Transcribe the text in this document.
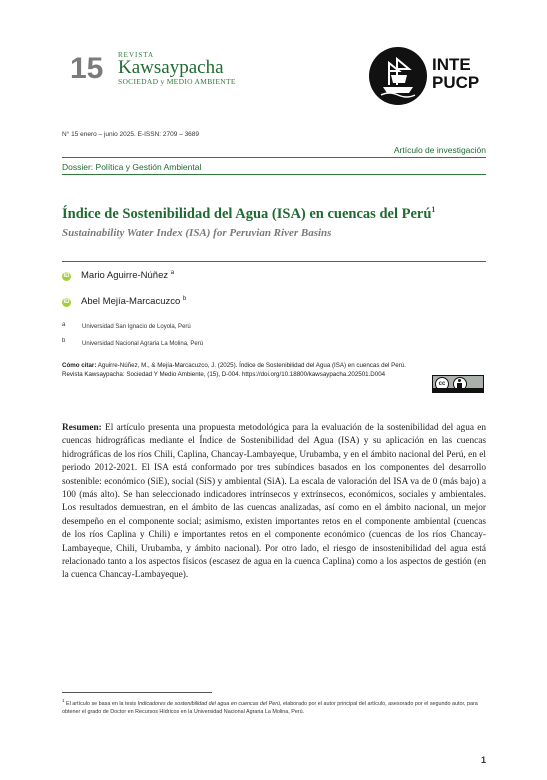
15 REVISTA
Kawsaypacha
SOCIEDAD y MEDIO AMBIENTE
INTE
PUCP
N° 15 enero – junio 2025. E-ISSN: 2709 – 3689
Artículo de investigación
Dossier: Política y Gestión Ambiental
Índice de Sostenibilidad del Agua (ISA) en cuencas del Perú$^1$
Sustainability Water Index (ISA) for Peruvian River Basins
iD Mario Aguirre-Núñez $^a$
iD Abel Mejía-Marcacuzco $^b$
a	Universidad San Ignacio de Loyola, Perú
b	Universidad Nacional Agraria La Molina, Perú
Cómo citar: Aguirre-Núñez, M., & Mejía-Marcacuzco, J. (2025). Índice de Sostenibilidad del Agua (ISA) en cuencas del Perú. Revista Kawsaypacha: Sociedad Y Medio Ambiente, (15), D-004. https://doi.org/10.18800/kawsaypacha.202501.D004
cc
Resumen: El artículo presenta una propuesta metodológica para la evaluación de la sostenibilidad del agua en cuencas hidrográficas mediante el Índice de Sostenibilidad del Agua (ISA) y su aplicación en las cuencas hidrográficas de los ríos Chili, Caplina, Chancay-Lambayeque, Urubamba, y en el ámbito nacional del Perú, en el periodo 2012-2021. El ISA está conformado por tres subíndices basados en los componentes del desarrollo sostenible: económico (SiE), social (SiS) y ambiental (SiA). La escala de valoración del ISA va de 0 (más bajo) a 100 (más alto). Se han seleccionado indicadores intrínsecos y extrínsecos, económicos, sociales y ambientales. Los resultados demuestran, en el ámbito de las cuencas analizadas, así como en el ámbito nacional, un mejor desempeño en el componente social; asimismo, existen importantes retos en el componente ambiental (cuencas de los ríos Caplina y Chili) e importantes retos en el componente económico (cuencas de los ríos Chancay-Lambayeque, Chili, Urubamba, y ámbito nacional). Por otro lado, el riesgo de insostenibilidad del agua está relacionado tanto a los aspectos físicos (escasez de agua en la cuenca Caplina) como a los aspectos de gestión (en la cuenca Chancay-Lambayeque).
$^1$ El artículo se basa en la tesis Indicadores de sostenibilidad del agua en cuencas del Perú, elaborado por el autor principal del artículo, asesorado por el segundo autor, para obtener el grado de Doctor en Recursos Hídricos en la Universidad Nacional Agraria La Molina, Perú.
1
